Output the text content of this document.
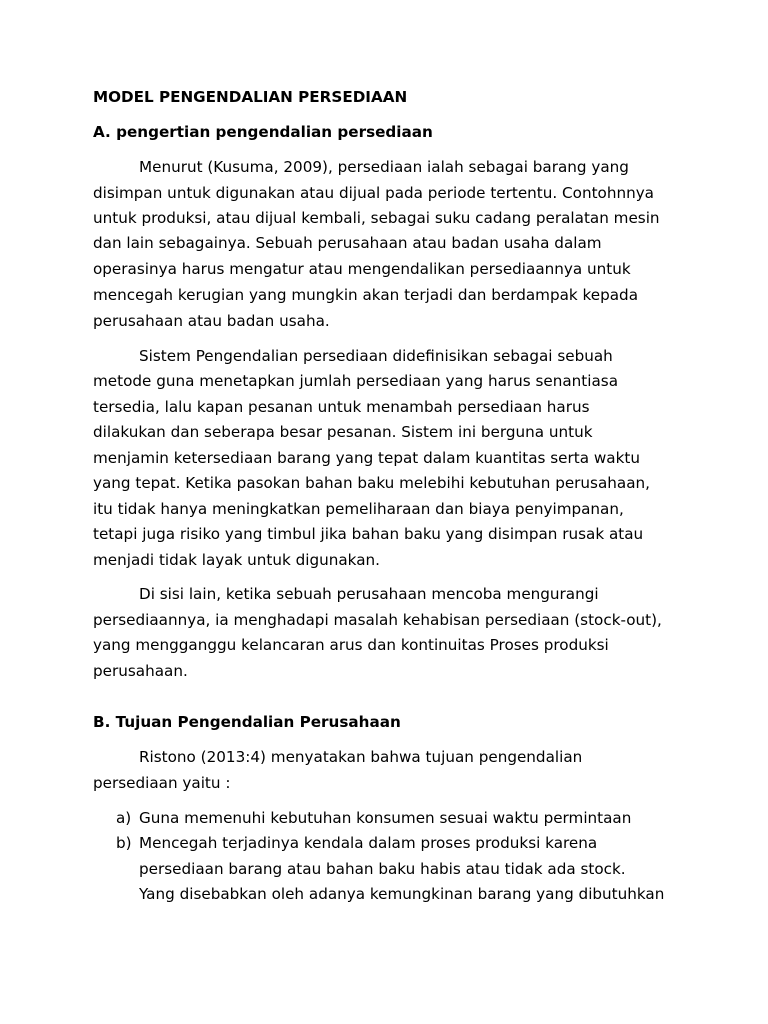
MODEL PENGENDALIAN PERSEDIAAN
A. pengertian pengendalian persediaan
Menurut (Kusuma, 2009), persediaan ialah sebagai barang yang
disimpan untuk digunakan atau dijual pada periode tertentu. Contohnnya
untuk produksi, atau dijual kembali, sebagai suku cadang peralatan mesin
dan lain sebagainya. Sebuah perusahaan atau badan usaha dalam
operasinya harus mengatur atau mengendalikan persediaannya untuk
mencegah kerugian yang mungkin akan terjadi dan berdampak kepada
perusahaan atau badan usaha.
Sistem Pengendalian persediaan didefinisikan sebagai sebuah
metode guna menetapkan jumlah persediaan yang harus senantiasa
tersedia, lalu kapan pesanan untuk menambah persediaan harus
dilakukan dan seberapa besar pesanan. Sistem ini berguna untuk
menjamin ketersediaan barang yang tepat dalam kuantitas serta waktu
yang tepat. Ketika pasokan bahan baku melebihi kebutuhan perusahaan,
itu tidak hanya meningkatkan pemeliharaan dan biaya penyimpanan,
tetapi juga risiko yang timbul jika bahan baku yang disimpan rusak atau
menjadi tidak layak untuk digunakan.
Di sisi lain, ketika sebuah perusahaan mencoba mengurangi
persediaannya, ia menghadapi masalah kehabisan persediaan (stock-out),
yang mengganggu kelancaran arus dan kontinuitas Proses produksi
perusahaan.
B. Tujuan Pengendalian Perusahaan
Ristono (2013:4) menyatakan bahwa tujuan pengendalian
persediaan yaitu :
a) Guna memenuhi kebutuhan konsumen sesuai waktu permintaan
b) Mencegah terjadinya kendala dalam proses produksi karena
persediaan barang atau bahan baku habis atau tidak ada stock.
Yang disebabkan oleh adanya kemungkinan barang yang dibutuhkan
